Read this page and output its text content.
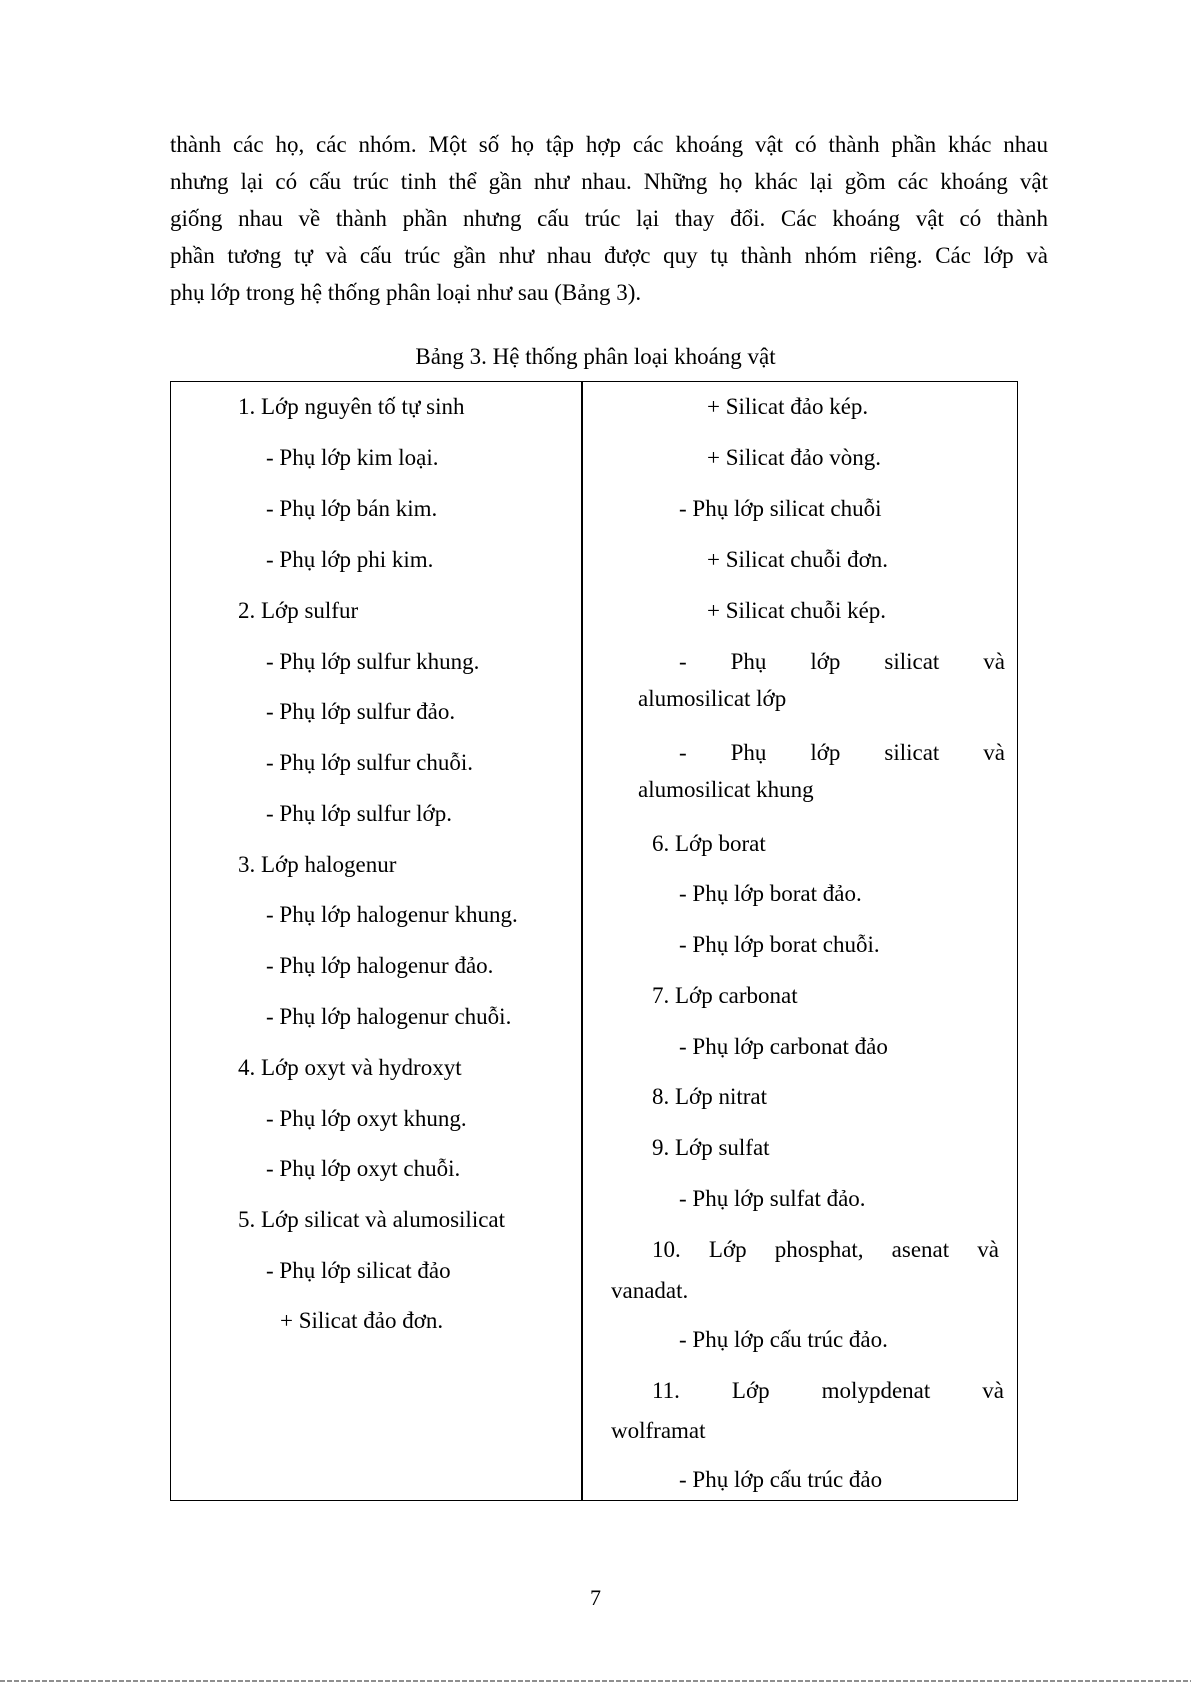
thành các họ, các nhóm. Một số họ tập hợp các khoáng vật có thành phần khác nhau
nhưng lại có cấu trúc tinh thể gần như nhau. Những họ khác lại gồm các khoáng vật
giống nhau về thành phần nhưng cấu trúc lại thay đổi. Các khoáng vật có thành
phần tương tự và cấu trúc gần như nhau được quy tụ thành nhóm riêng. Các lớp và
phụ lớp trong hệ thống phân loại như sau (Bảng 3).
Bảng 3. Hệ thống phân loại khoáng vật
1. Lớp nguyên tố tự sinh
- Phụ lớp kim loại.
- Phụ lớp bán kim.
- Phụ lớp phi kim.
2. Lớp sulfur
- Phụ lớp sulfur khung.
- Phụ lớp sulfur đảo.
- Phụ lớp sulfur chuỗi.
- Phụ lớp sulfur lớp.
3. Lớp halogenur
- Phụ lớp halogenur khung.
- Phụ lớp halogenur đảo.
- Phụ lớp halogenur chuỗi.
4. Lớp oxyt và hydroxyt
- Phụ lớp oxyt khung.
- Phụ lớp oxyt chuỗi.
5. Lớp silicat và alumosilicat
- Phụ lớp silicat đảo
+ Silicat đảo đơn.
+ Silicat đảo kép.
+ Silicat đảo vòng.
- Phụ lớp silicat chuỗi
+ Silicat chuỗi đơn.
+ Silicat chuỗi kép.
- Phụ lớp silicat và
alumosilicat lớp
- Phụ lớp silicat và
alumosilicat khung
6. Lớp borat
- Phụ lớp borat đảo.
- Phụ lớp borat chuỗi.
7. Lớp carbonat
- Phụ lớp carbonat đảo
8. Lớp nitrat
9. Lớp sulfat
- Phụ lớp sulfat đảo.
10. Lớp phosphat, asenat và
vanadat.
- Phụ lớp cấu trúc đảo.
11. Lớp molypdenat và
wolframat
- Phụ lớp cấu trúc đảo
7
